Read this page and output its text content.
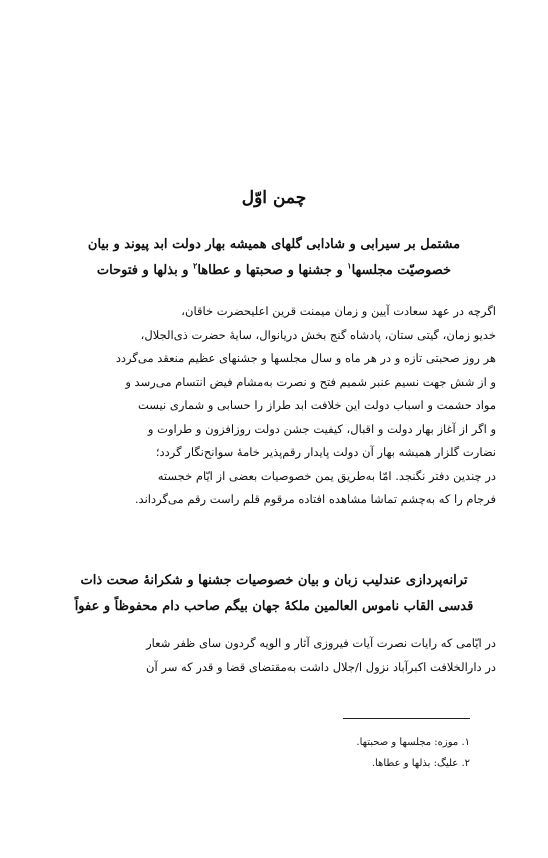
چمن اوّل
مشتمل بر سیرابی و شادابی گلهای همیشه بهار دولت ابد پیوند و بیان
خصوصیّت مجلسها$^۱$ و جشنها و صحبتها و عطاها$^۲$ و بذلها و فتوحات
اگرچه در عهد سعادت آیین و زمان میمنت قرین اعلیحضرت خاقان،
خدیو زمان، گیتی ستان، پادشاه گنج بخش دریانوال، سایهٔ حضرت ذی‌الجلال،
هر روز صحبتی تازه و در هر ماه و سال مجلسها و جشنهای عظیم منعقد می‌گردد
و از شش جهت نسیم عنبر شمیم فتح و نصرت به‌مشام فیض انتسام می‌رسد و
مواد حشمت و اسباب دولت این خلافت ابد طراز را حسابی و شماری نیست
و اگر از آغاز بهار دولت و اقبال، کیفیت جشن دولت روزافزون و طراوت و
نضارت گلزار همیشه بهار آن دولت پایدار رقم‌پذیر خامهٔ سوانح‌نگار گردد؛
در چندین دفتر نگنجد. امّا به‌طریق یمن خصوصیات بعضی از ایّام خجسته
فرجام را که به‌چشم تماشا مشاهده افتاده مرقوم قلم راست رقم می‌گرداند.
ترانه‌پردازی عندلیب زبان و بیان خصوصیات جشنها و شکرانهٔ صحت ذات
قدسی القاب ناموس العالمین ملکهٔ جهان بیگم صاحب دام محفوظاً و عفواً
در ایّامی که رایات نصرت آیات فیروزی آثار و الویه گردون سای ظفر شعار
در دارالخلافت اکبرآباد نزول ا/جلال داشت به‌مقتضای قضا و قدر که سر آن
۱. موزه: مجلسها و صحبتها.
۲. علیگ: بذلها و عطاها.
